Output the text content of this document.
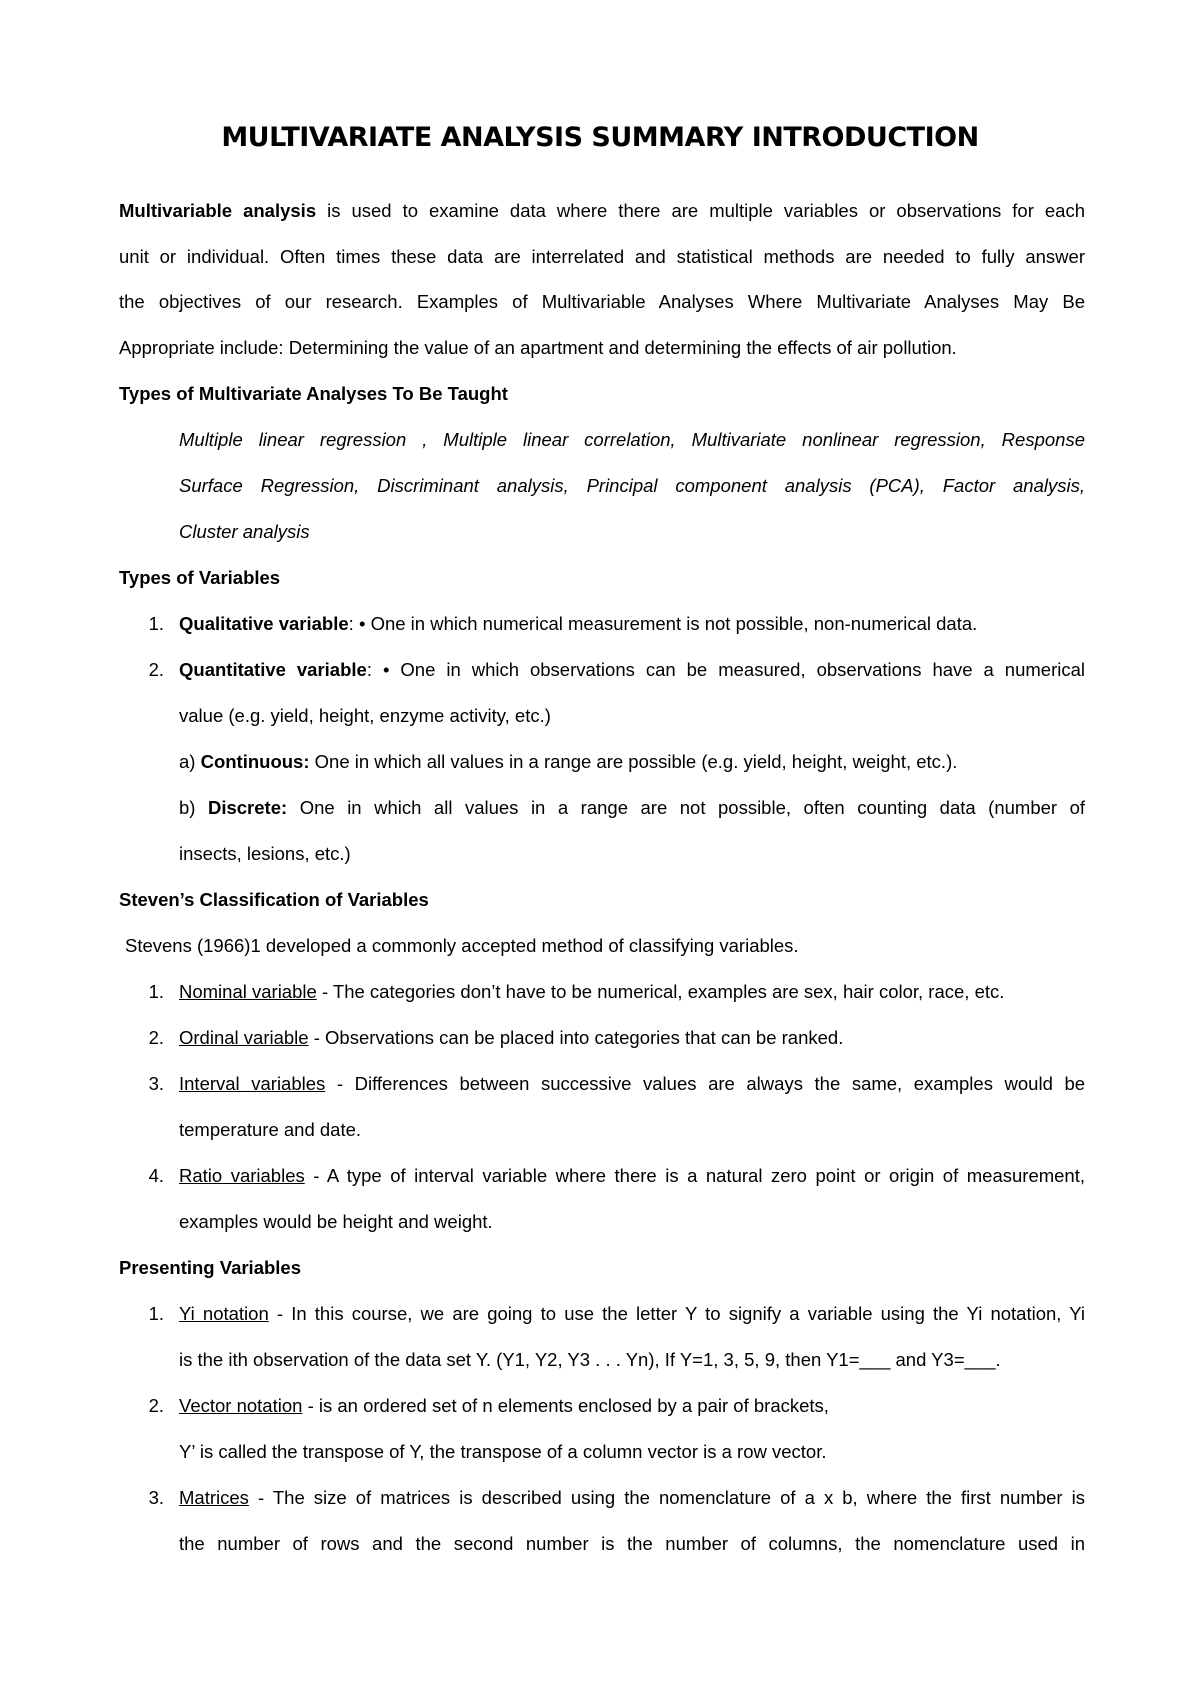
MULTIVARIATE ANALYSIS SUMMARY INTRODUCTION
Multivariable analysis is used to examine data where there are multiple variables or observations for each
unit or individual. Often times these data are interrelated and statistical methods are needed to fully answer
the objectives of our research. Examples of Multivariable Analyses Where Multivariate Analyses May Be
Appropriate include: Determining the value of an apartment and determining the effects of air pollution.
Types of Multivariate Analyses To Be Taught
Multiple linear regression , Multiple linear correlation, Multivariate nonlinear regression, Response
Surface Regression, Discriminant analysis, Principal component analysis (PCA), Factor analysis,
Cluster analysis
Types of Variables
1. Qualitative variable: • One in which numerical measurement is not possible, non-numerical data.
2. Quantitative variable: • One in which observations can be measured, observations have a numerical
value (e.g. yield, height, enzyme activity, etc.)
a) Continuous: One in which all values in a range are possible (e.g. yield, height, weight, etc.).
b) Discrete: One in which all values in a range are not possible, often counting data (number of
insects, lesions, etc.)
Steven’s Classification of Variables
Stevens (1966)1 developed a commonly accepted method of classifying variables.
1. Nominal variable - The categories don’t have to be numerical, examples are sex, hair color, race, etc.
2. Ordinal variable - Observations can be placed into categories that can be ranked.
3. Interval variables - Differences between successive values are always the same, examples would be
temperature and date.
4. Ratio variables - A type of interval variable where there is a natural zero point or origin of measurement,
examples would be height and weight.
Presenting Variables
1. Yi notation - In this course, we are going to use the letter Y to signify a variable using the Yi notation, Yi
is the ith observation of the data set Y. (Y1, Y2, Y3 . . . Yn), If Y=1, 3, 5, 9, then Y1=___ and Y3=___.
2. Vector notation - is an ordered set of n elements enclosed by a pair of brackets,
Y’ is called the transpose of Y, the transpose of a column vector is a row vector.
3. Matrices - The size of matrices is described using the nomenclature of a x b, where the first number is
the number of rows and the second number is the number of columns, the nomenclature used in
